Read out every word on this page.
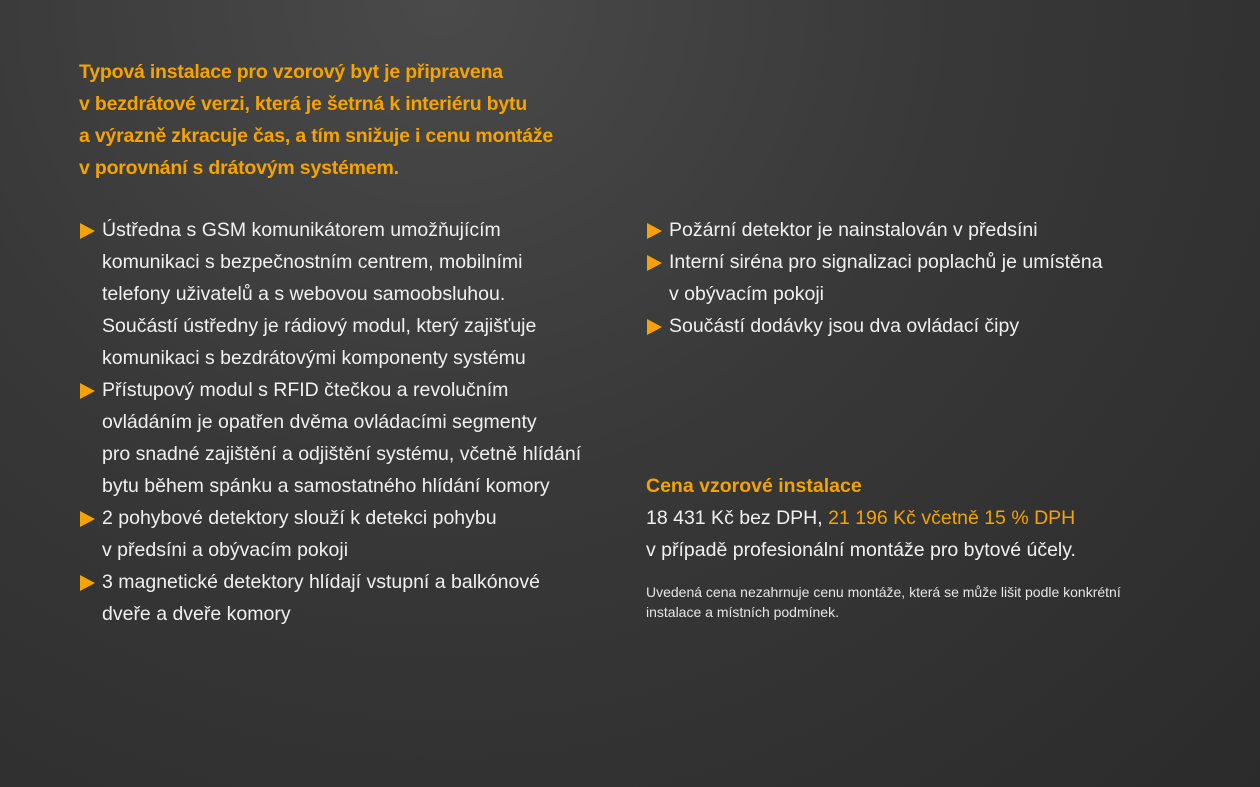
Typová instalace pro vzorový byt je připravena
v bezdrátové verzi, která je šetrná k interiéru bytu
a výrazně zkracuje čas, a tím snižuje i cenu montáže
v porovnání s drátovým systémem.
Ústředna s GSM komunikátorem umožňujícím
komunikaci s bezpečnostním centrem, mobilními
telefony uživatelů a s webovou samoobsluhou.
Součástí ústředny je rádiový modul, který zajišťuje
komunikaci s bezdrátovými komponenty systému
Přístupový modul s RFID čtečkou a revolučním
ovládáním je opatřen dvěma ovládacími segmenty
pro snadné zajištění a odjištění systému, včetně hlídání
bytu během spánku a samostatného hlídání komory
2 pohybové detektory slouží k detekci pohybu
v předsíni a obývacím pokoji
3 magnetické detektory hlídají vstupní a balkónové
dveře a dveře komory
Požární detektor je nainstalován v předsíni
Interní siréna pro signalizaci poplachů je umístěna
v obývacím pokoji
Součástí dodávky jsou dva ovládací čipy
Cena vzorové instalace
18 431 Kč bez DPH, 21 196 Kč včetně 15 % DPH
v případě profesionální montáže pro bytové účely.
Uvedená cena nezahrnuje cenu montáže, která se může lišit podle konkrétní
instalace a místních podmínek.
